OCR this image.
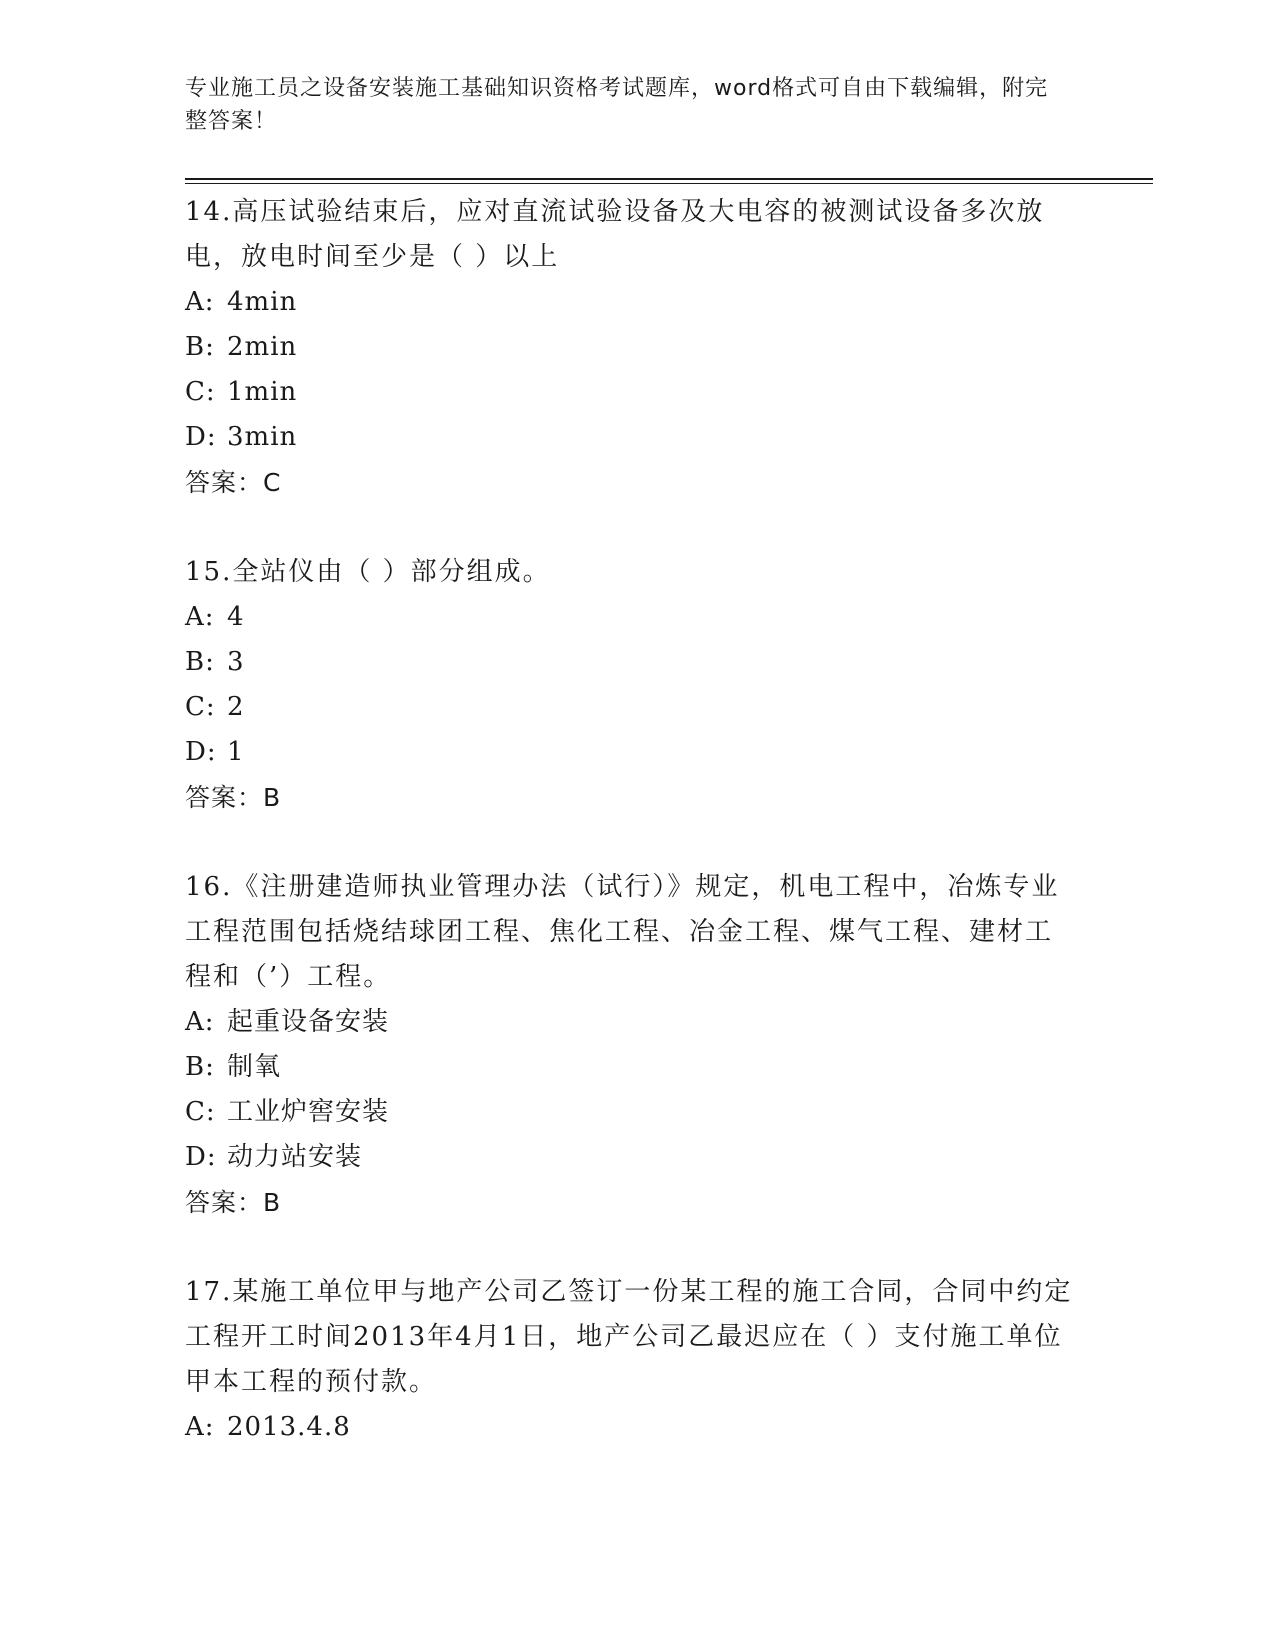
专业施工员之设备安装施工基础知识资格考试题库，word格式可自由下载编辑，附完整答案！
14.高压试验结束后，应对直流试验设备及大电容的被测试设备多次放电，放电时间至少是（ ）以上
A: 4min
B: 2min
C: 1min
D: 3min
答案：C
15.全站仪由（ ）部分组成。
A: 4
B: 3
C: 2
D: 1
答案：B
16.《注册建造师执业管理办法（试行）》规定，机电工程中，冶炼专业工程范围包括烧结球团工程、焦化工程、冶金工程、煤气工程、建材工程和（’）工程。
A: 起重设备安装
B: 制氧
C: 工业炉窖安装
D: 动力站安装
答案：B
17.某施工单位甲与地产公司乙签订一份某工程的施工合同，合同中约定工程开工时间2013年4月1日，地产公司乙最迟应在（ ）支付施工单位甲本工程的预付款。
A: 2013.4.8
